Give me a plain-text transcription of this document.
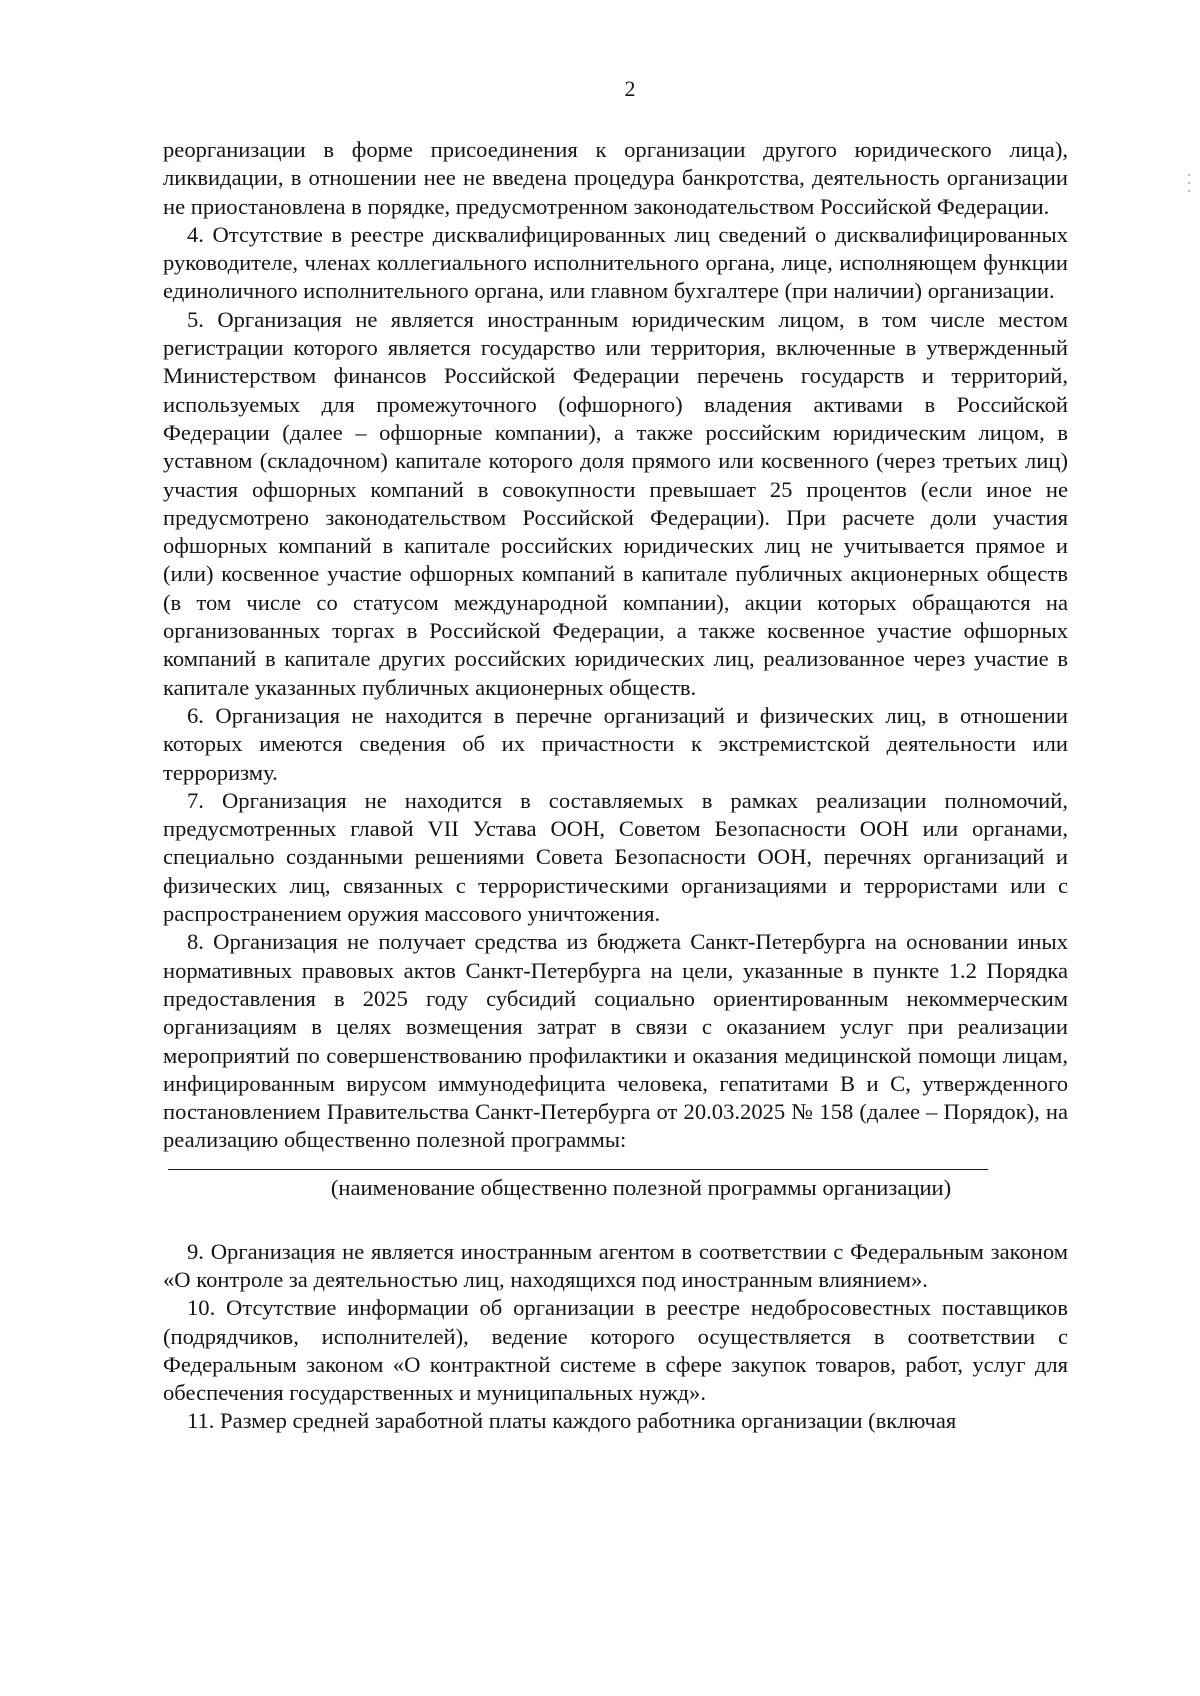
2

реорганизации в форме присоединения к организации другого юридического лица), ликвидации, в отношении нее не введена процедура банкротства, деятельность организации не приостановлена в порядке, предусмотренном законодательством Российской Федерации.

4. Отсутствие в реестре дисквалифицированных лиц сведений о дисквалифицированных руководителе, членах коллегиального исполнительного органа, лице, исполняющем функции единоличного исполнительного органа, или главном бухгалтере (при наличии) организации.

5. Организация не является иностранным юридическим лицом, в том числе местом регистрации которого является государство или территория, включенные в утвержденный Министерством финансов Российской Федерации перечень государств и территорий, используемых для промежуточного (офшорного) владения активами в Российской Федерации (далее – офшорные компании), а также российским юридическим лицом, в уставном (складочном) капитале которого доля прямого или косвенного (через третьих лиц) участия офшорных компаний в совокупности превышает 25 процентов (если иное не предусмотрено законодательством Российской Федерации). При расчете доли участия офшорных компаний в капитале российских юридических лиц не учитывается прямое и (или) косвенное участие офшорных компаний в капитале публичных акционерных обществ (в том числе со статусом международной компании), акции которых обращаются на организованных торгах в Российской Федерации, а также косвенное участие офшорных компаний в капитале других российских юридических лиц, реализованное через участие в капитале указанных публичных акционерных обществ.

6. Организация не находится в перечне организаций и физических лиц, в отношении которых имеются сведения об их причастности к экстремистской деятельности или терроризму.

7. Организация не находится в составляемых в рамках реализации полномочий, предусмотренных главой VII Устава ООН, Советом Безопасности ООН или органами, специально созданными решениями Совета Безопасности ООН, перечнях организаций и физических лиц, связанных с террористическими организациями и террористами или с распространением оружия массового уничтожения.

8. Организация не получает средства из бюджета Санкт-Петербурга на основании иных нормативных правовых актов Санкт-Петербурга на цели, указанные в пункте 1.2 Порядка предоставления в 2025 году субсидий социально ориентированным некоммерческим организациям в целях возмещения затрат в связи с оказанием услуг при реализации мероприятий по совершенствованию профилактики и оказания медицинской помощи лицам, инфицированным вирусом иммунодефицита человека, гепатитами В и С, утвержденного постановлением Правительства Санкт-Петербурга от 20.03.2025 № 158 (далее – Порядок), на реализацию общественно полезной программы:

(наименование общественно полезной программы организации)

9. Организация не является иностранным агентом в соответствии с Федеральным законом «О контроле за деятельностью лиц, находящихся под иностранным влиянием».

10. Отсутствие информации об организации в реестре недобросовестных поставщиков (подрядчиков, исполнителей), ведение которого осуществляется в соответствии с Федеральным законом «О контрактной системе в сфере закупок товаров, работ, услуг для обеспечения государственных и муниципальных нужд».

11. Размер средней заработной платы каждого работника организации (включая
